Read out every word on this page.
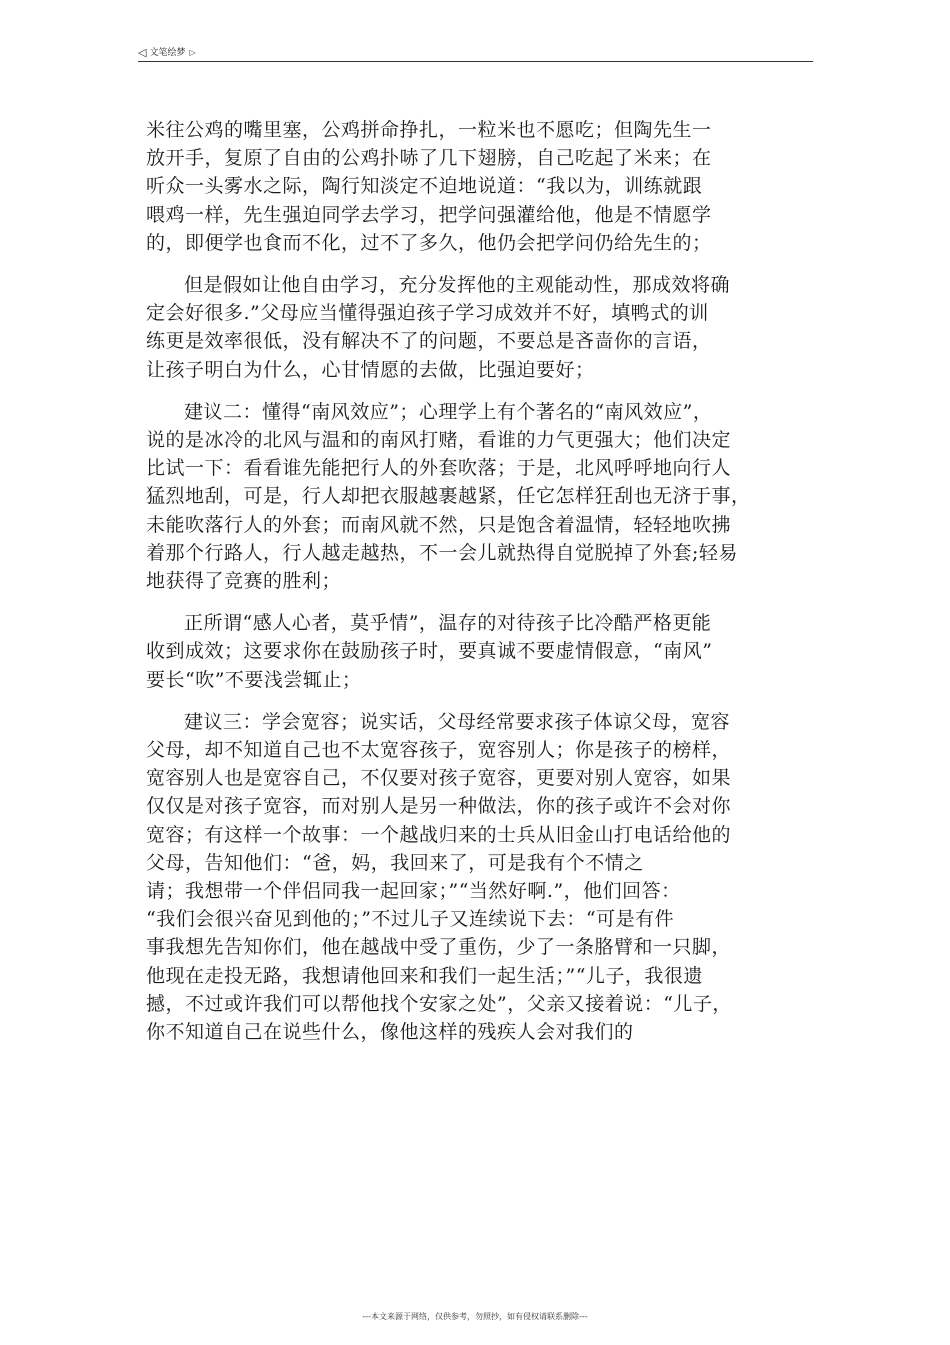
◁ 文笔绘梦 ▷
米往公鸡的嘴里塞，公鸡拼命挣扎，一粒米也不愿吃；但陶先生一
放开手，复原了自由的公鸡扑哧了几下翅膀，自己吃起了米来；在
听众一头雾水之际，陶行知淡定不迫地说道：“我以为，训练就跟
喂鸡一样，先生强迫同学去学习，把学问强灌给他，他是不情愿学
的，即便学也食而不化，过不了多久，他仍会把学问仍给先生的；
但是假如让他自由学习，充分发挥他的主观能动性，那成效将确
定会好很多.”父母应当懂得强迫孩子学习成效并不好，填鸭式的训
练更是效率很低，没有解决不了的问题，不要总是吝啬你的言语，
让孩子明白为什么，心甘情愿的去做，比强迫要好；
建议二：懂得“南风效应”；心理学上有个著名的“南风效应”，
说的是冰冷的北风与温和的南风打赌，看谁的力气更强大；他们决定
比试一下：看看谁先能把行人的外套吹落；于是，北风呼呼地向行人
猛烈地刮，可是，行人却把衣服越裹越紧，任它怎样狂刮也无济于事，
未能吹落行人的外套；而南风就不然，只是饱含着温情，轻轻地吹拂
着那个行路人，行人越走越热，不一会儿就热得自觉脱掉了外套;轻易
地获得了竞赛的胜利；
正所谓“感人心者，莫乎情”，温存的对待孩子比冷酷严格更能
收到成效；这要求你在鼓励孩子时，要真诚不要虚情假意，“南风”
要长“吹”不要浅尝辄止；
建议三：学会宽容；说实话，父母经常要求孩子体谅父母，宽容
父母，却不知道自己也不太宽容孩子，宽容别人；你是孩子的榜样，
宽容别人也是宽容自己，不仅要对孩子宽容，更要对别人宽容，如果
仅仅是对孩子宽容，而对别人是另一种做法，你的孩子或许不会对你
宽容；有这样一个故事：一个越战归来的士兵从旧金山打电话给他的
父母，告知他们：“爸，妈，我回来了，可是我有个不情之
请；我想带一个伴侣同我一起回家；”“当然好啊.”，他们回答：
“我们会很兴奋见到他的；”不过儿子又连续说下去：“可是有件
事我想先告知你们，他在越战中受了重伤，少了一条胳臂和一只脚，
他现在走投无路，我想请他回来和我们一起生活；”“儿子，我很遗
撼，不过或许我们可以帮他找个安家之处”，父亲又接着说：“儿子，
你不知道自己在说些什么，像他这样的残疾人会对我们的
---本文来源于网络，仅供参考，勿照抄，如有侵权请联系删除---
